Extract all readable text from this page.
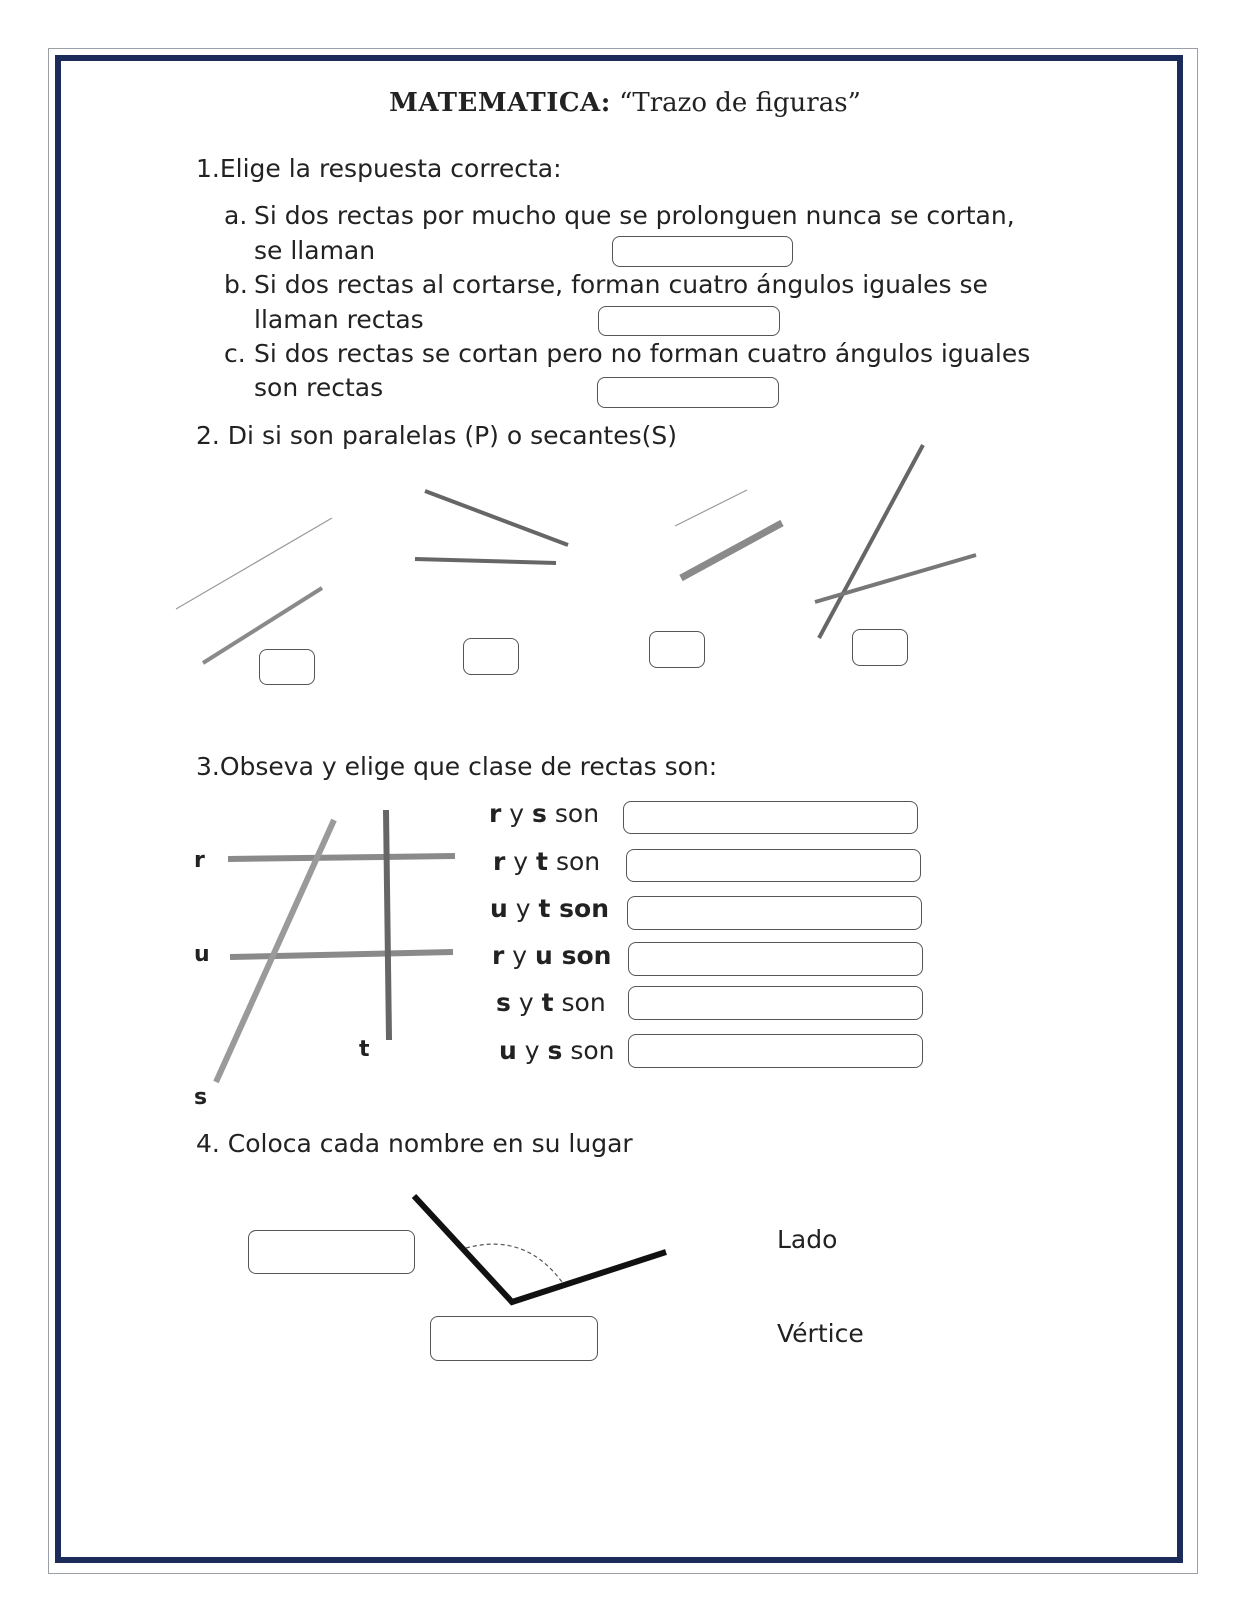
MATEMATICA: “Trazo de figuras”
1.Elige la respuesta correcta:
a. Si dos rectas por mucho que se prolonguen nunca se cortan,
se llaman
b. Si dos rectas al cortarse, forman cuatro ángulos iguales se
llaman rectas
c. Si dos rectas se cortan pero no forman cuatro ángulos iguales
son rectas
2. Di si son paralelas (P) o secantes(S)
3.Obseva y elige que clase de rectas son:
r
u
t
s
r y s son
r y t son
u y t son
r y u son
s y t son
u y s son
4. Coloca cada nombre en su lugar
Lado
Vértice
